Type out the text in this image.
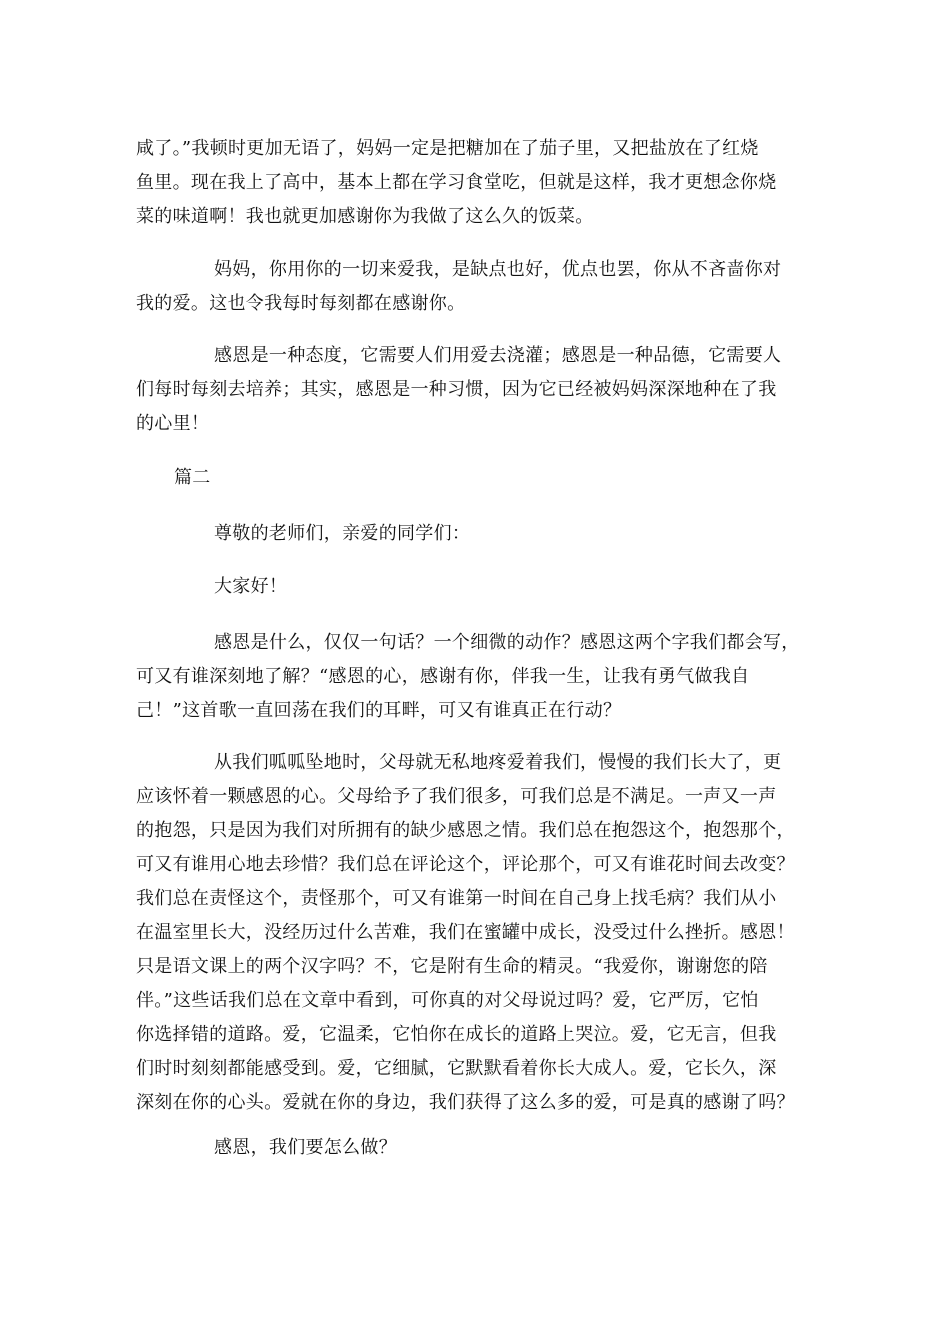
咸了。”我顿时更加无语了，妈妈一定是把糖加在了茄子里，又把盐放在了红烧
鱼里。现在我上了高中，基本上都在学习食堂吃，但就是这样，我才更想念你烧
菜的味道啊！我也就更加感谢你为我做了这么久的饭菜。
妈妈，你用你的一切来爱我，是缺点也好，优点也罢，你从不吝啬你对
我的爱。这也令我每时每刻都在感谢你。
感恩是一种态度，它需要人们用爱去浇灌；感恩是一种品德，它需要人
们每时每刻去培养；其实，感恩是一种习惯，因为它已经被妈妈深深地种在了我
的心里！
篇二
尊敬的老师们，亲爱的同学们：
大家好！
感恩是什么，仅仅一句话？一个细微的动作？感恩这两个字我们都会写，
可又有谁深刻地了解？“感恩的心，感谢有你，伴我一生，让我有勇气做我自
己！”这首歌一直回荡在我们的耳畔，可又有谁真正在行动？
从我们呱呱坠地时，父母就无私地疼爱着我们，慢慢的我们长大了，更
应该怀着一颗感恩的心。父母给予了我们很多，可我们总是不满足。一声又一声
的抱怨，只是因为我们对所拥有的缺少感恩之情。我们总在抱怨这个，抱怨那个，
可又有谁用心地去珍惜？我们总在评论这个，评论那个，可又有谁花时间去改变？
我们总在责怪这个，责怪那个，可又有谁第一时间在自己身上找毛病？我们从小
在温室里长大，没经历过什么苦难，我们在蜜罐中成长，没受过什么挫折。感恩！
只是语文课上的两个汉字吗？不，它是附有生命的精灵。“我爱你，谢谢您的陪
伴。”这些话我们总在文章中看到，可你真的对父母说过吗？爱，它严厉，它怕
你选择错的道路。爱，它温柔，它怕你在成长的道路上哭泣。爱，它无言，但我
们时时刻刻都能感受到。爱，它细腻，它默默看着你长大成人。爱，它长久，深
深刻在你的心头。爱就在你的身边，我们获得了这么多的爱，可是真的感谢了吗？
感恩，我们要怎么做？
